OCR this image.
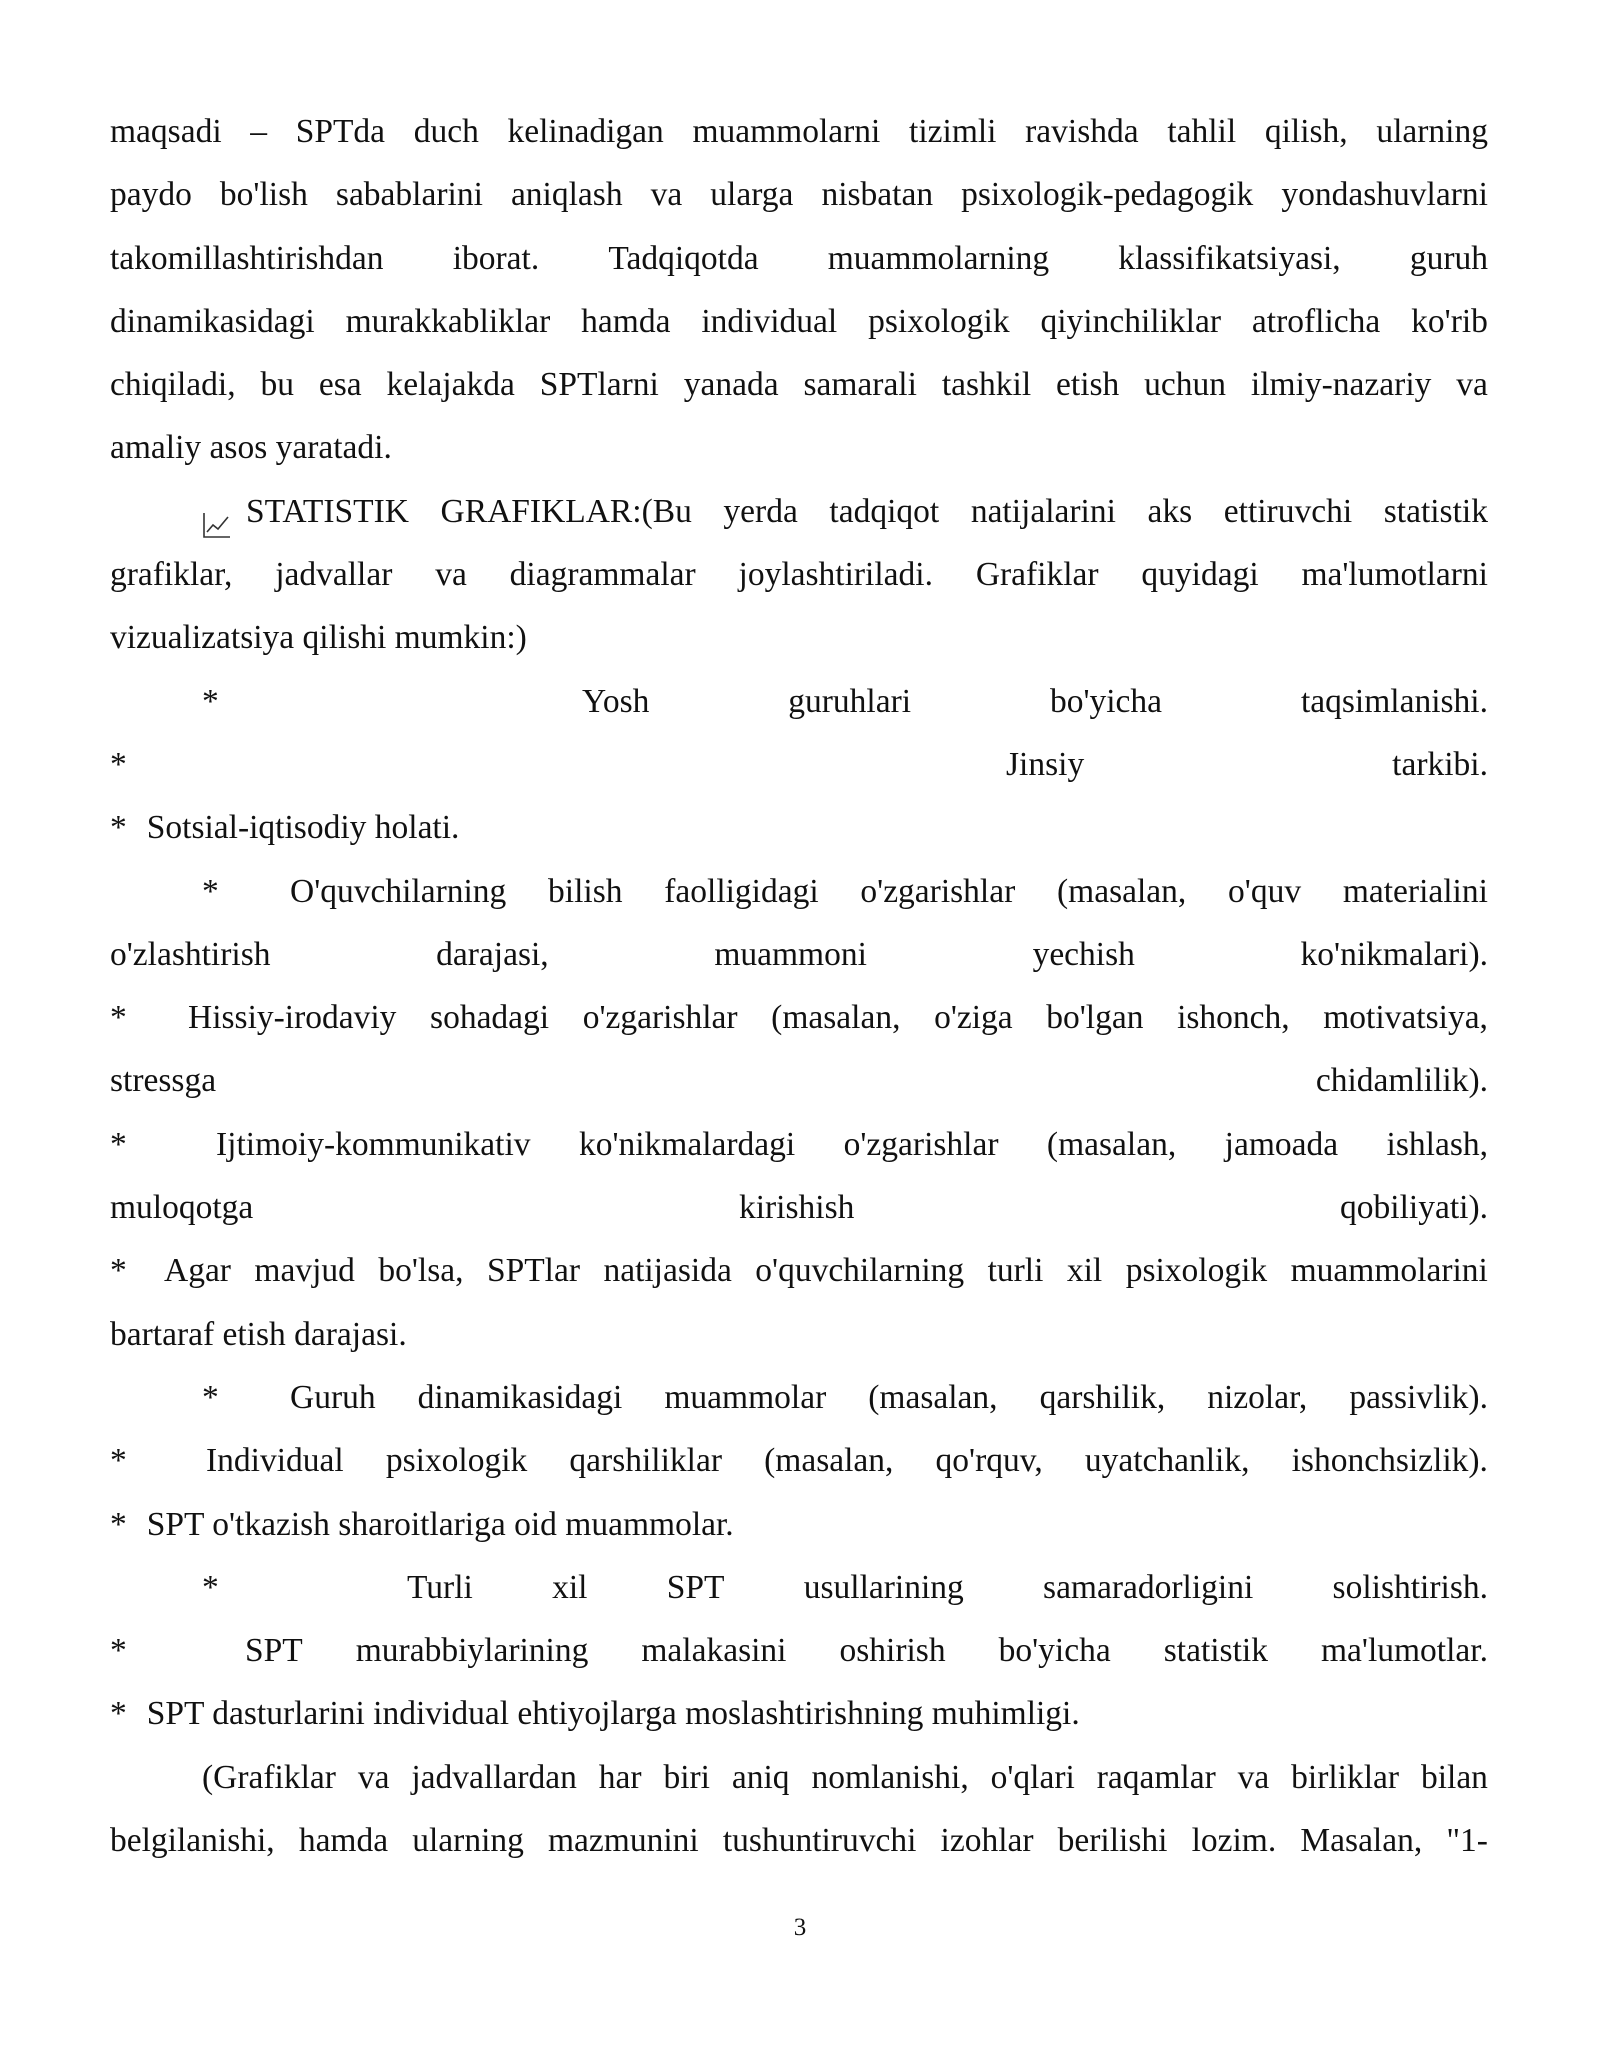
maqsadi – SPTda duch kelinadigan muammolarni tizimli ravishda tahlil qilish, ularning
paydo bo'lish sabablarini aniqlash va ularga nisbatan psixologik-pedagogik yondashuvlarni
takomillashtirishdan iborat. Tadqiqotda muammolarning klassifikatsiyasi, guruh
dinamikasidagi murakkabliklar hamda individual psixologik qiyinchiliklar atroflicha ko'rib
chiqiladi, bu esa kelajakda SPTlarni yanada samarali tashkil etish uchun ilmiy-nazariy va
amaliy asos yaratadi.
STATISTIK GRAFIKLAR:(Bu yerda tadqiqot natijalarini aks ettiruvchi statistik
grafiklar, jadvallar va diagrammalar joylashtiriladi. Grafiklar quyidagi ma'lumotlarni
vizualizatsiya qilishi mumkin:)
*	Yosh	guruhlari	bo'yicha	taqsimlanishi.
*	Jinsiy	tarkibi.
* Sotsial-iqtisodiy holati.
*	O'quvchilarning bilish faolligidagi o'zgarishlar (masalan, o'quv materialini
o'zlashtirish	darajasi,	muammoni	yechish	ko'nikmalari).
*	Hissiy-irodaviy sohadagi o'zgarishlar (masalan, o'ziga bo'lgan ishonch, motivatsiya,
stressga	chidamlilik).
*	Ijtimoiy-kommunikativ ko'nikmalardagi o'zgarishlar (masalan, jamoada ishlash,
muloqotga	kirishish	qobiliyati).
*	Agar mavjud bo'lsa, SPTlar natijasida o'quvchilarning turli xil psixologik muammolarini
bartaraf etish darajasi.
*	Guruh dinamikasidagi muammolar (masalan, qarshilik, nizolar, passivlik).
*	Individual psixologik qarshiliklar (masalan, qo'rquv, uyatchanlik, ishonchsizlik).
* SPT o'tkazish sharoitlariga oid muammolar.
*	Turli xil SPT usullarining samaradorligini solishtirish.
*	SPT murabbiylarining malakasini oshirish bo'yicha statistik ma'lumotlar.
* SPT dasturlarini individual ehtiyojlarga moslashtirishning muhimligi.
(Grafiklar va jadvallardan har biri aniq nomlanishi, o'qlari raqamlar va birliklar bilan
belgilanishi, hamda ularning mazmunini tushuntiruvchi izohlar berilishi lozim. Masalan, "1-
3
